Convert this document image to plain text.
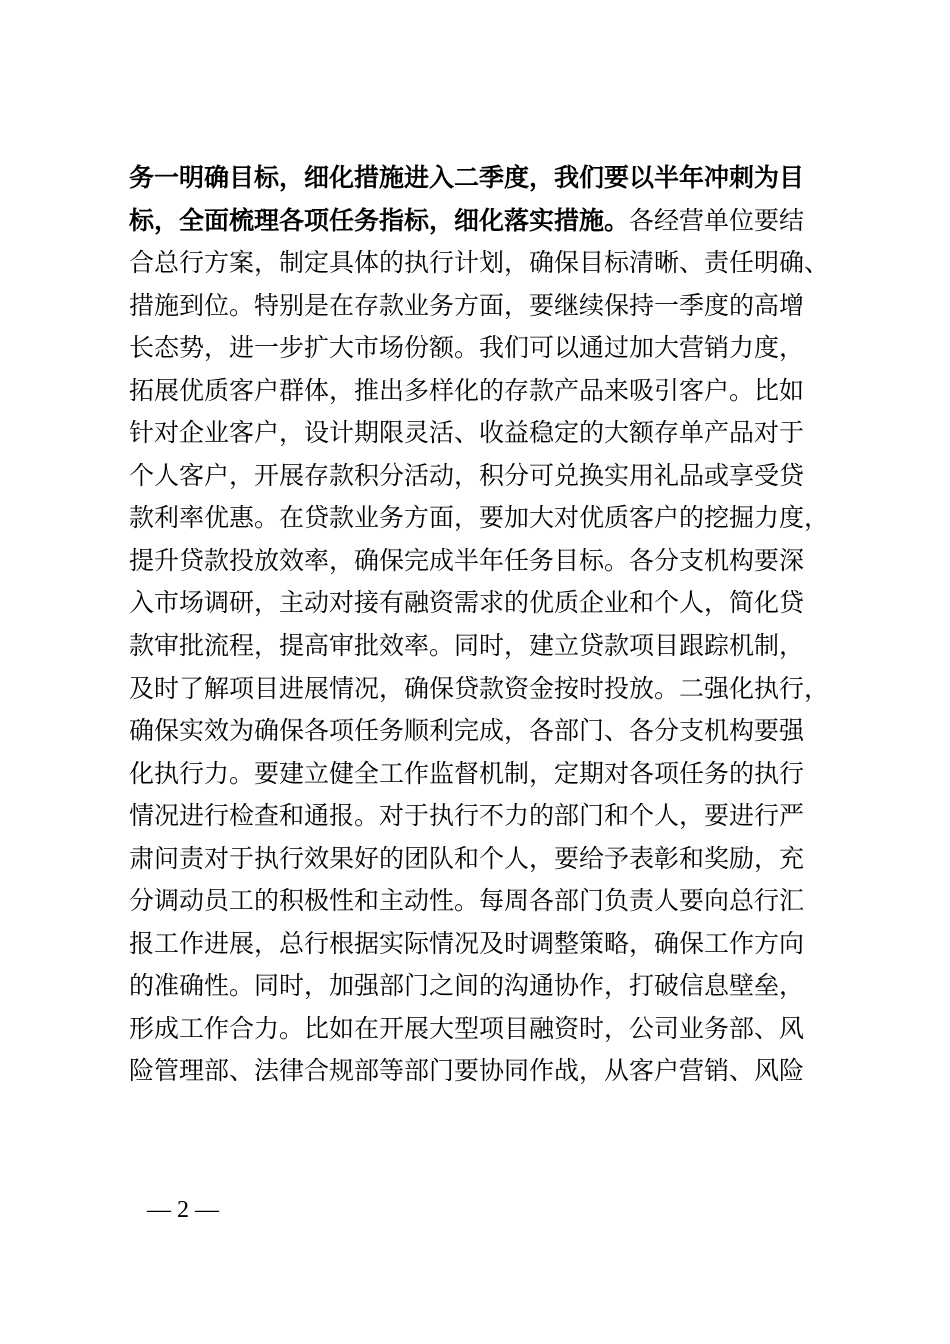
务一明确目标，细化措施进入二季度，我们要以半年冲刺为目
标，全面梳理各项任务指标，细化落实措施。各经营单位要结
合总行方案，制定具体的执行计划，确保目标清晰、责任明确、
措施到位。特别是在存款业务方面，要继续保持一季度的高增
长态势，进一步扩大市场份额。我们可以通过加大营销力度，
拓展优质客户群体，推出多样化的存款产品来吸引客户。比如
针对企业客户，设计期限灵活、收益稳定的大额存单产品对于
个人客户，开展存款积分活动，积分可兑换实用礼品或享受贷
款利率优惠。在贷款业务方面，要加大对优质客户的挖掘力度，
提升贷款投放效率，确保完成半年任务目标。各分支机构要深
入市场调研，主动对接有融资需求的优质企业和个人，简化贷
款审批流程，提高审批效率。同时，建立贷款项目跟踪机制，
及时了解项目进展情况，确保贷款资金按时投放。二强化执行，
确保实效为确保各项任务顺利完成，各部门、各分支机构要强
化执行力。要建立健全工作监督机制，定期对各项任务的执行
情况进行检查和通报。对于执行不力的部门和个人，要进行严
肃问责对于执行效果好的团队和个人，要给予表彰和奖励，充
分调动员工的积极性和主动性。每周各部门负责人要向总行汇
报工作进展，总行根据实际情况及时调整策略，确保工作方向
的准确性。同时，加强部门之间的沟通协作，打破信息壁垒，
形成工作合力。比如在开展大型项目融资时，公司业务部、风
险管理部、法律合规部等部门要协同作战，从客户营销、风险
— 2 —
